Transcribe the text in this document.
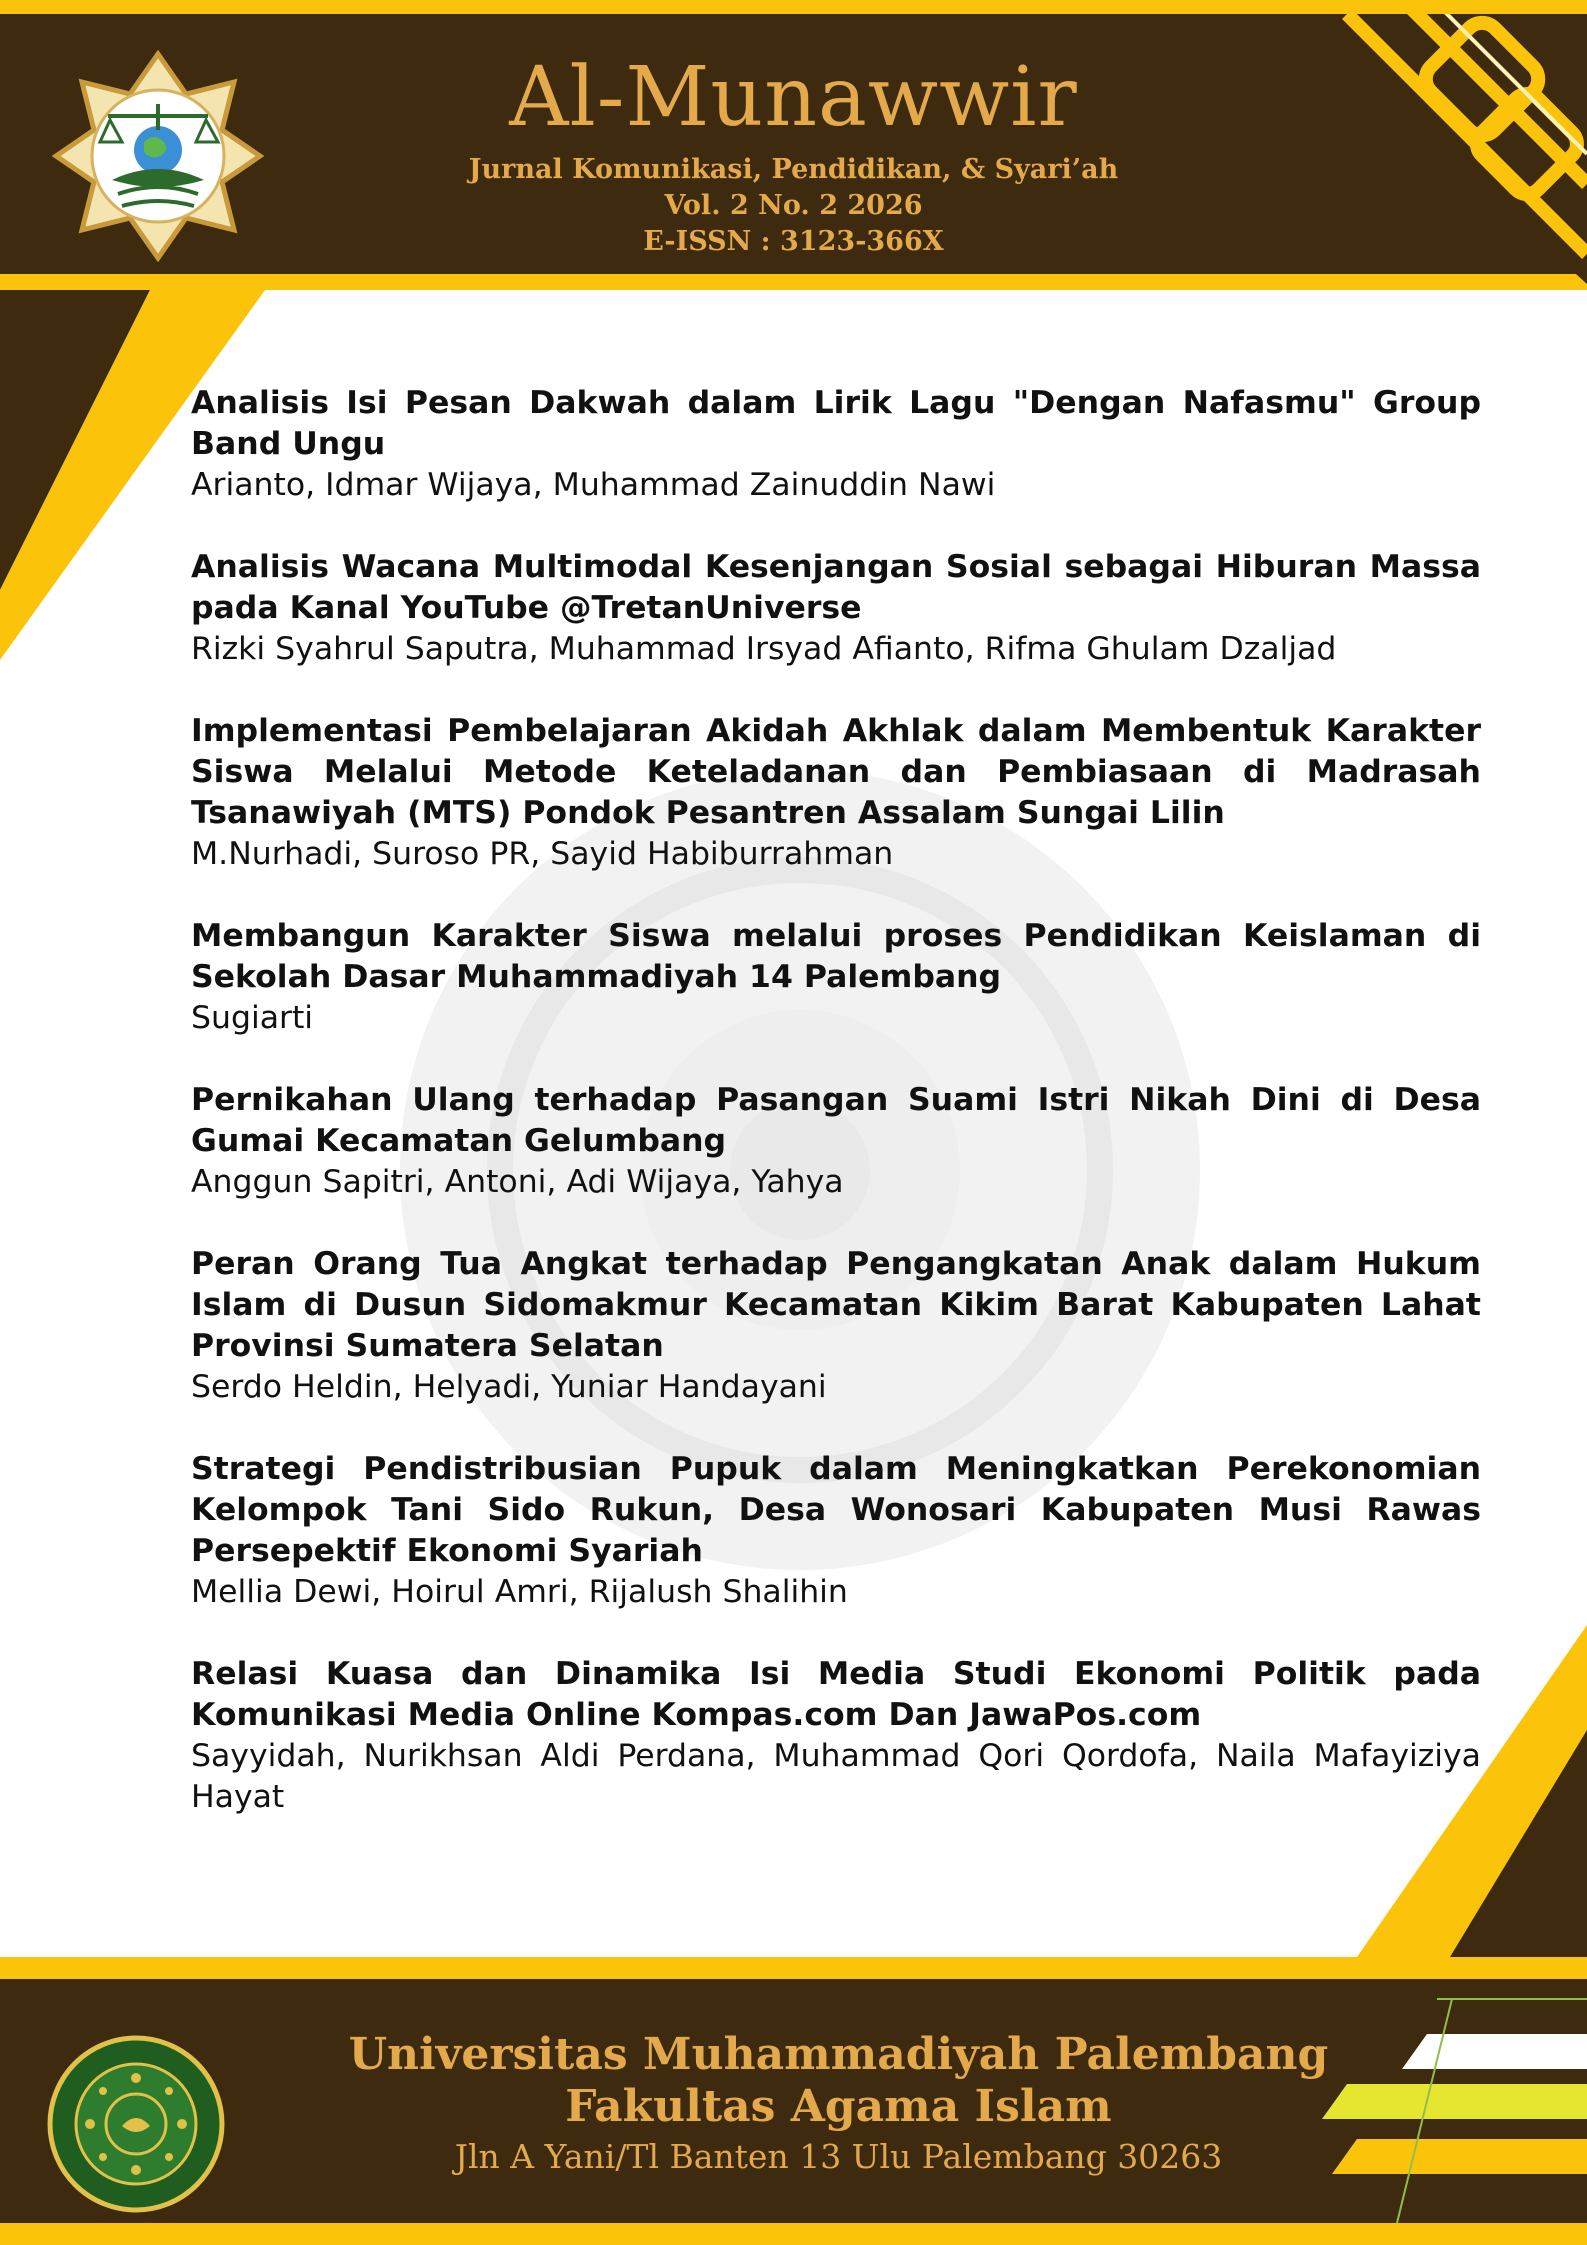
Al-Munawwir
Jurnal Komunikasi, Pendidikan, & Syari’ah
Vol. 2 No. 2 2026
E-ISSN : 3123-366X
Analisis Isi Pesan Dakwah dalam Lirik Lagu "Dengan Nafasmu" Group Band Ungu
Arianto, Idmar Wijaya, Muhammad Zainuddin Nawi
Analisis Wacana Multimodal Kesenjangan Sosial sebagai Hiburan Massa pada Kanal YouTube @TretanUniverse
Rizki Syahrul Saputra, Muhammad Irsyad Afianto, Rifma Ghulam Dzaljad
Implementasi Pembelajaran Akidah Akhlak dalam Membentuk Karakter Siswa Melalui Metode Keteladanan dan Pembiasaan di Madrasah Tsanawiyah (MTS) Pondok Pesantren Assalam Sungai Lilin
M.Nurhadi, Suroso PR, Sayid Habiburrahman
Membangun Karakter Siswa melalui proses Pendidikan Keislaman di Sekolah Dasar Muhammadiyah 14 Palembang
Sugiarti
Pernikahan Ulang terhadap Pasangan Suami Istri Nikah Dini di Desa Gumai Kecamatan Gelumbang
Anggun Sapitri, Antoni, Adi Wijaya, Yahya
Peran Orang Tua Angkat terhadap Pengangkatan Anak dalam Hukum Islam di Dusun Sidomakmur Kecamatan Kikim Barat Kabupaten Lahat Provinsi Sumatera Selatan
Serdo Heldin, Helyadi, Yuniar Handayani
Strategi Pendistribusian Pupuk dalam Meningkatkan Perekonomian Kelompok Tani Sido Rukun, Desa Wonosari Kabupaten Musi Rawas Persepektif Ekonomi Syariah
Mellia Dewi, Hoirul Amri, Rijalush Shalihin
Relasi Kuasa dan Dinamika Isi Media Studi Ekonomi Politik pada Komunikasi Media Online Kompas.com Dan JawaPos.com
Sayyidah, Nurikhsan Aldi Perdana, Muhammad Qori Qordofa, Naila Mafayiziya Hayat
Universitas Muhammadiyah Palembang
Fakultas Agama Islam
Jln A Yani/Tl Banten 13 Ulu Palembang 30263
